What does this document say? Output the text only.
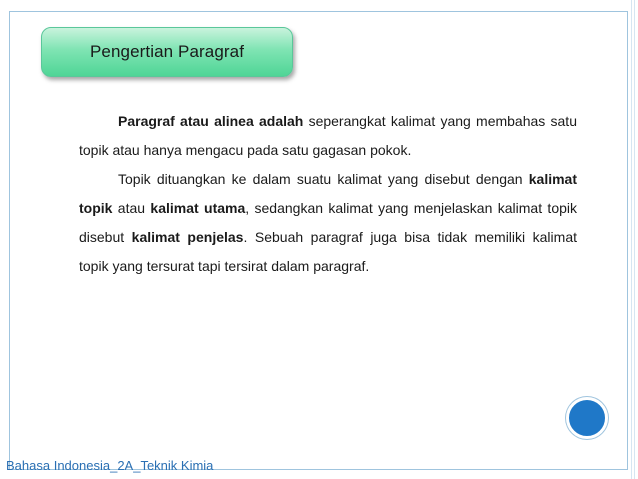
Pengertian Paragraf

Paragraf atau alinea adalah seperangkat kalimat yang membahas satu topik atau hanya mengacu pada satu gagasan pokok.

Topik dituangkan ke dalam suatu kalimat yang disebut dengan kalimat topik atau kalimat utama, sedangkan kalimat yang menjelaskan kalimat topik disebut kalimat penjelas. Sebuah paragraf juga bisa tidak memiliki kalimat topik yang tersurat tapi tersirat dalam paragraf.

Bahasa Indonesia_2A_Teknik Kimia
